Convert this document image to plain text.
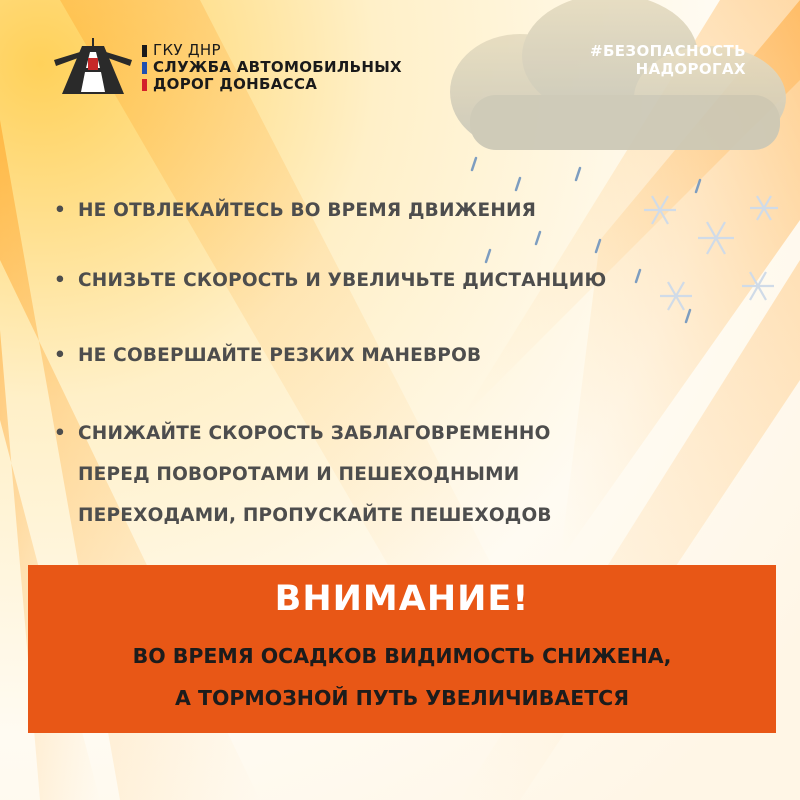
ГКУ ДНР
СЛУЖБА АВТОМОБИЛЬНЫХ
ДОРОГ ДОНБАССА
#БЕЗОПАСНОСТЬ
НАДОРОГАХ
• НЕ ОТВЛЕКАЙТЕСЬ ВО ВРЕМЯ ДВИЖЕНИЯ
• СНИЗЬТЕ СКОРОСТЬ И УВЕЛИЧЬТЕ ДИСТАНЦИЮ
• НЕ СОВЕРШАЙТЕ РЕЗКИХ МАНЕВРОВ
• СНИЖАЙТЕ СКОРОСТЬ ЗАБЛАГОВРЕМЕННО
ПЕРЕД ПОВОРОТАМИ И ПЕШЕХОДНЫМИ
ПЕРЕХОДАМИ, ПРОПУСКАЙТЕ ПЕШЕХОДОВ
ВНИМАНИЕ!
ВО ВРЕМЯ ОСАДКОВ ВИДИМОСТЬ СНИЖЕНА,
А ТОРМОЗНОЙ ПУТЬ УВЕЛИЧИВАЕТСЯ
